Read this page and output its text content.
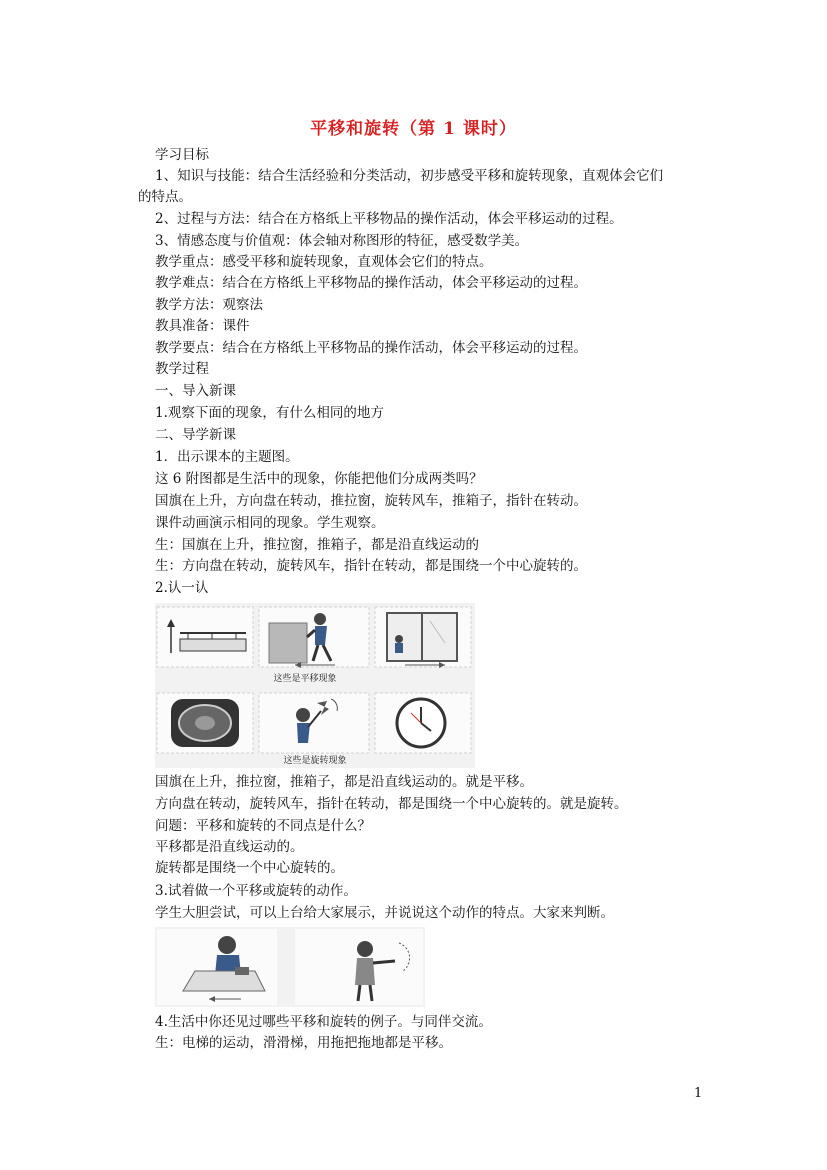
平移和旋转（第 1 课时）
学习目标
1、知识与技能：结合生活经验和分类活动，初步感受平移和旋转现象，直观体会它们
的特点。
2、过程与方法：结合在方格纸上平移物品的操作活动，体会平移运动的过程。
3、情感态度与价值观：体会轴对称图形的特征，感受数学美。
教学重点：感受平移和旋转现象，直观体会它们的特点。
教学难点：结合在方格纸上平移物品的操作活动，体会平移运动的过程。
教学方法：观察法
教具准备：课件
教学要点：结合在方格纸上平移物品的操作活动，体会平移运动的过程。
教学过程
一、导入新课
1.观察下面的现象，有什么相同的地方
二、导学新课
1．出示课本的主题图。
这 6 附图都是生活中的现象，你能把他们分成两类吗？
国旗在上升，方向盘在转动，推拉窗，旋转风车，推箱子，指针在转动。
课件动画演示相同的现象。学生观察。
生：国旗在上升，推拉窗，推箱子，都是沿直线运动的
生：方向盘在转动，旋转风车，指针在转动，都是围绕一个中心旋转的。
2.认一认
这些是平移现象
这些是旋转现象
国旗在上升，推拉窗，推箱子，都是沿直线运动的。就是平移。
方向盘在转动，旋转风车，指针在转动，都是围绕一个中心旋转的。就是旋转。
问题：平移和旋转的不同点是什么？
平移都是沿直线运动的。
旋转都是围绕一个中心旋转的。
3.试着做一个平移或旋转的动作。
学生大胆尝试，可以上台给大家展示，并说说这个动作的特点。大家来判断。
4.生活中你还见过哪些平移和旋转的例子。与同伴交流。
生：电梯的运动，滑滑梯，用拖把拖地都是平移。
1
